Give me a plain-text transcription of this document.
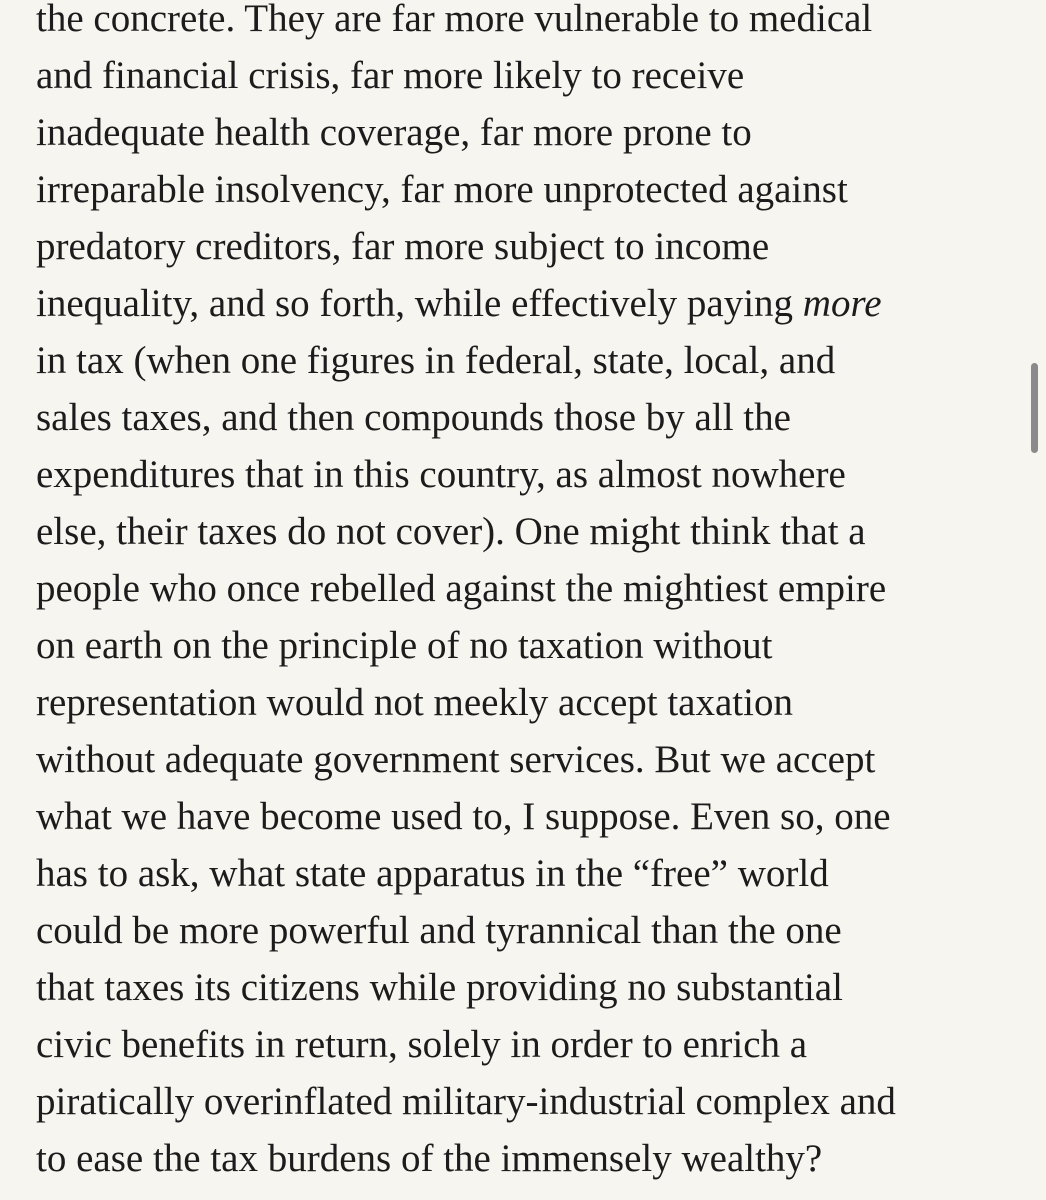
the concrete. They are far more vulnerable to medical
and financial crisis, far more likely to receive
inadequate health coverage, far more prone to
irreparable insolvency, far more unprotected against
predatory creditors, far more subject to income
inequality, and so forth, while effectively paying more
in tax (when one figures in federal, state, local, and
sales taxes, and then compounds those by all the
expenditures that in this country, as almost nowhere
else, their taxes do not cover). One might think that a
people who once rebelled against the mightiest empire
on earth on the principle of no taxation without
representation would not meekly accept taxation
without adequate government services. But we accept
what we have become used to, I suppose. Even so, one
has to ask, what state apparatus in the “free” world
could be more powerful and tyrannical than the one
that taxes its citizens while providing no substantial
civic benefits in return, solely in order to enrich a
piratically overinflated military-industrial complex and
to ease the tax burdens of the immensely wealthy?
